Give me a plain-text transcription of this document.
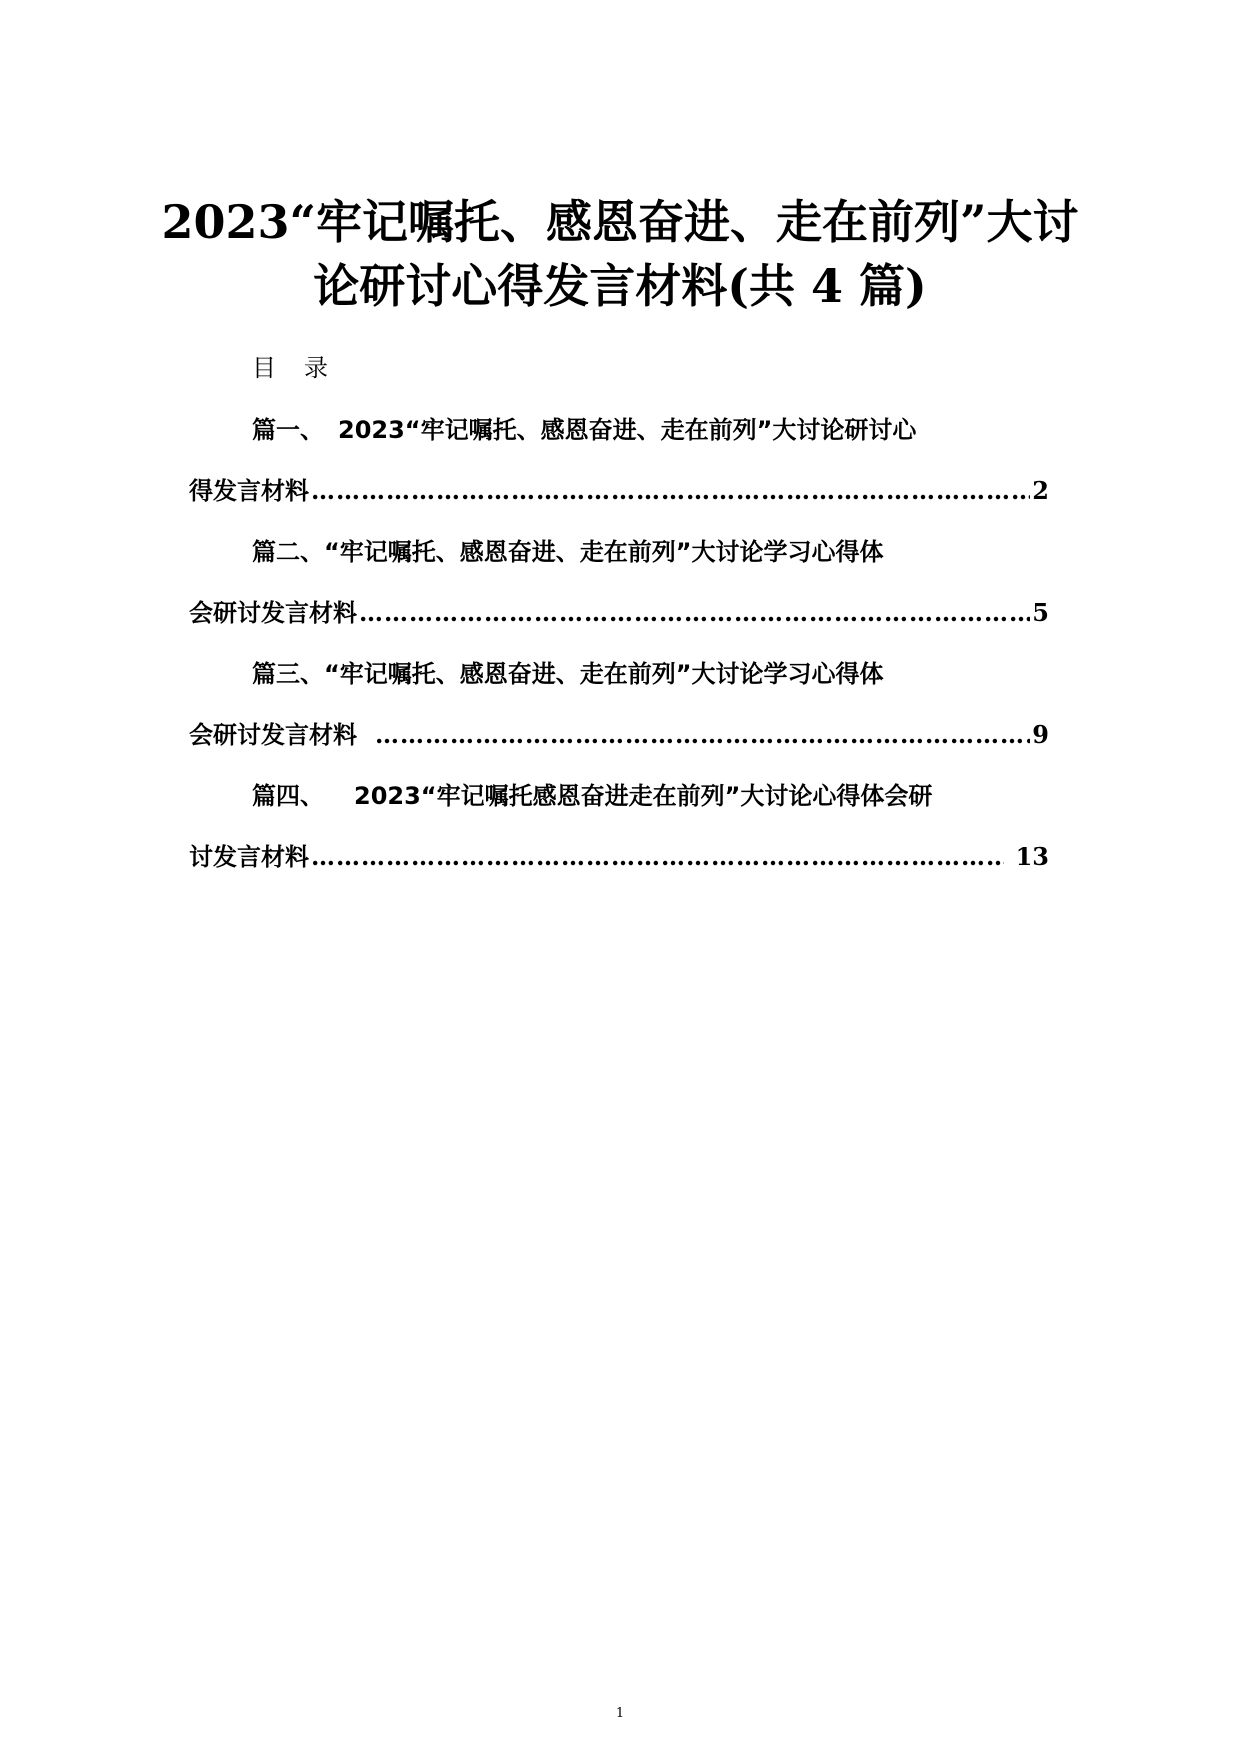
2023“牢记嘱托、感恩奋进、走在前列”大讨
论研讨心得发言材料(共 4 篇)
目录
篇一、 2023“牢记嘱托、感恩奋进、走在前列”大讨论研讨心
得发言材料 ……………………………………………………………………………………………………………………………………………	2
篇二、“牢记嘱托、感恩奋进、走在前列”大讨论学习心得体
会研讨发言材料 ……………………………………………………………………………………………………………………………………………	5
篇三、“牢记嘱托、感恩奋进、走在前列”大讨论学习心得体
会研讨发言材料 ……………………………………………………………………………………………………………………………………………	9
篇四、 2023“牢记嘱托感恩奋进走在前列”大讨论心得体会研
讨发言材料 ……………………………………………………………………………………………………………………………………………	13
1
